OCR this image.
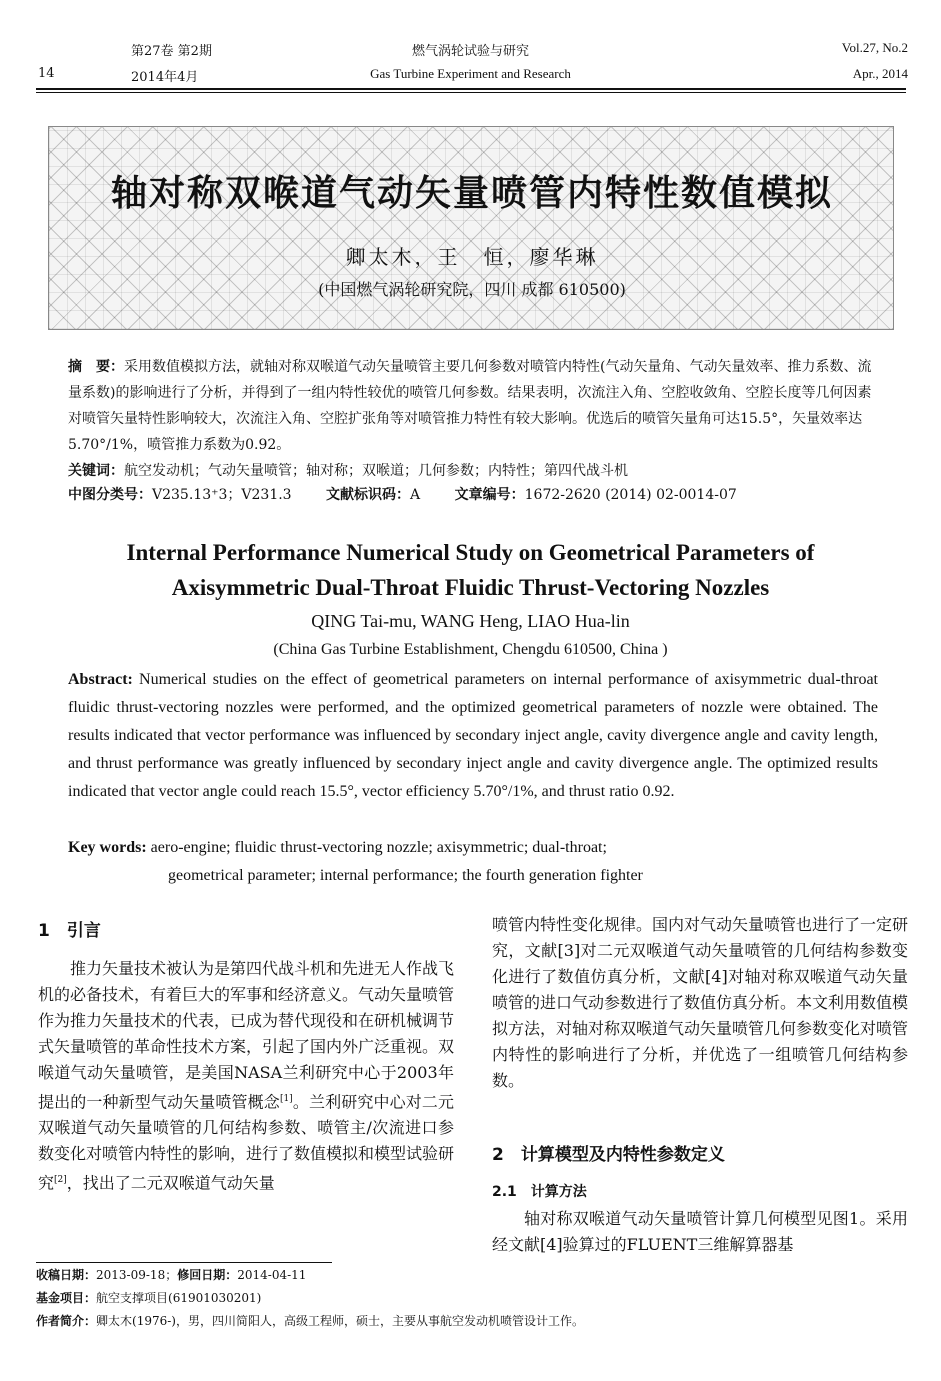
第27卷 第2期	燃气涡轮试验与研究	Vol.27, No.2
14	2014年4月	Gas Turbine Experiment and Research	Apr., 2014
轴对称双喉道气动矢量喷管内特性数值模拟
卿太木，王　恒，廖华琳
(中国燃气涡轮研究院，四川 成都 610500)
摘　要：采用数值模拟方法，就轴对称双喉道气动矢量喷管主要几何参数对喷管内特性(气动矢量角、气动矢量效率、推力系数、流量系数)的影响进行了分析，并得到了一组内特性较优的喷管几何参数。结果表明，次流注入角、空腔收敛角、空腔长度等几何因素对喷管矢量特性影响较大，次流注入角、空腔扩张角等对喷管推力特性有较大影响。优选后的喷管矢量角可达15.5°，矢量效率达5.70°/1%，喷管推力系数为0.92。
关键词：航空发动机；气动矢量喷管；轴对称；双喉道；几何参数；内特性；第四代战斗机
中图分类号：V235.13⁺3；V231.3 文献标识码：A 文章编号：1672-2620 (2014) 02-0014-07
Internal Performance Numerical Study on Geometrical Parameters of
Axisymmetric Dual-Throat Fluidic Thrust-Vectoring Nozzles
QING Tai-mu, WANG Heng, LIAO Hua-lin
(China Gas Turbine Establishment, Chengdu 610500, China )
Abstract: Numerical studies on the effect of geometrical parameters on internal performance of axisymmetric dual-throat fluidic thrust-vectoring nozzles were performed, and the optimized geometrical parameters of nozzle were obtained. The results indicated that vector performance was influenced by secondary inject angle, cavity divergence angle and cavity length, and thrust performance was greatly influenced by secondary inject angle and cavity divergence angle. The optimized results indicated that vector angle could reach 15.5°, vector efficiency 5.70°/1%, and thrust ratio 0.92.
Key words: aero-engine; fluidic thrust-vectoring nozzle; axisymmetric; dual-throat;
geometrical parameter; internal performance; the fourth generation fighter
1　引言
推力矢量技术被认为是第四代战斗机和先进无人作战飞机的必备技术，有着巨大的军事和经济意义。气动矢量喷管作为推力矢量技术的代表，已成为替代现役和在研机械调节式矢量喷管的革命性技术方案，引起了国内外广泛重视。双喉道气动矢量喷管，是美国NASA兰利研究中心于2003年提出的一种新型气动矢量喷管概念[1]。兰利研究中心对二元双喉道气动矢量喷管的几何结构参数、喷管主/次流进口参数变化对喷管内特性的影响，进行了数值模拟和模型试验研究[2]，找出了二元双喉道气动矢量
喷管内特性变化规律。国内对气动矢量喷管也进行了一定研究，文献[3]对二元双喉道气动矢量喷管的几何结构参数变化进行了数值仿真分析，文献[4]对轴对称双喉道气动矢量喷管的进口气动参数进行了数值仿真分析。本文利用数值模拟方法，对轴对称双喉道气动矢量喷管几何参数变化对喷管内特性的影响进行了分析，并优选了一组喷管几何结构参数。
2　计算模型及内特性参数定义
2.1　计算方法
轴对称双喉道气动矢量喷管计算几何模型见图1。采用经文献[4]验算过的FLUENT三维解算器基
收稿日期：2013-09-18；修回日期：2014-04-11
基金项目：航空支撑项目(61901030201)
作者简介：卿太木(1976-)，男，四川简阳人，高级工程师，硕士，主要从事航空发动机喷管设计工作。
